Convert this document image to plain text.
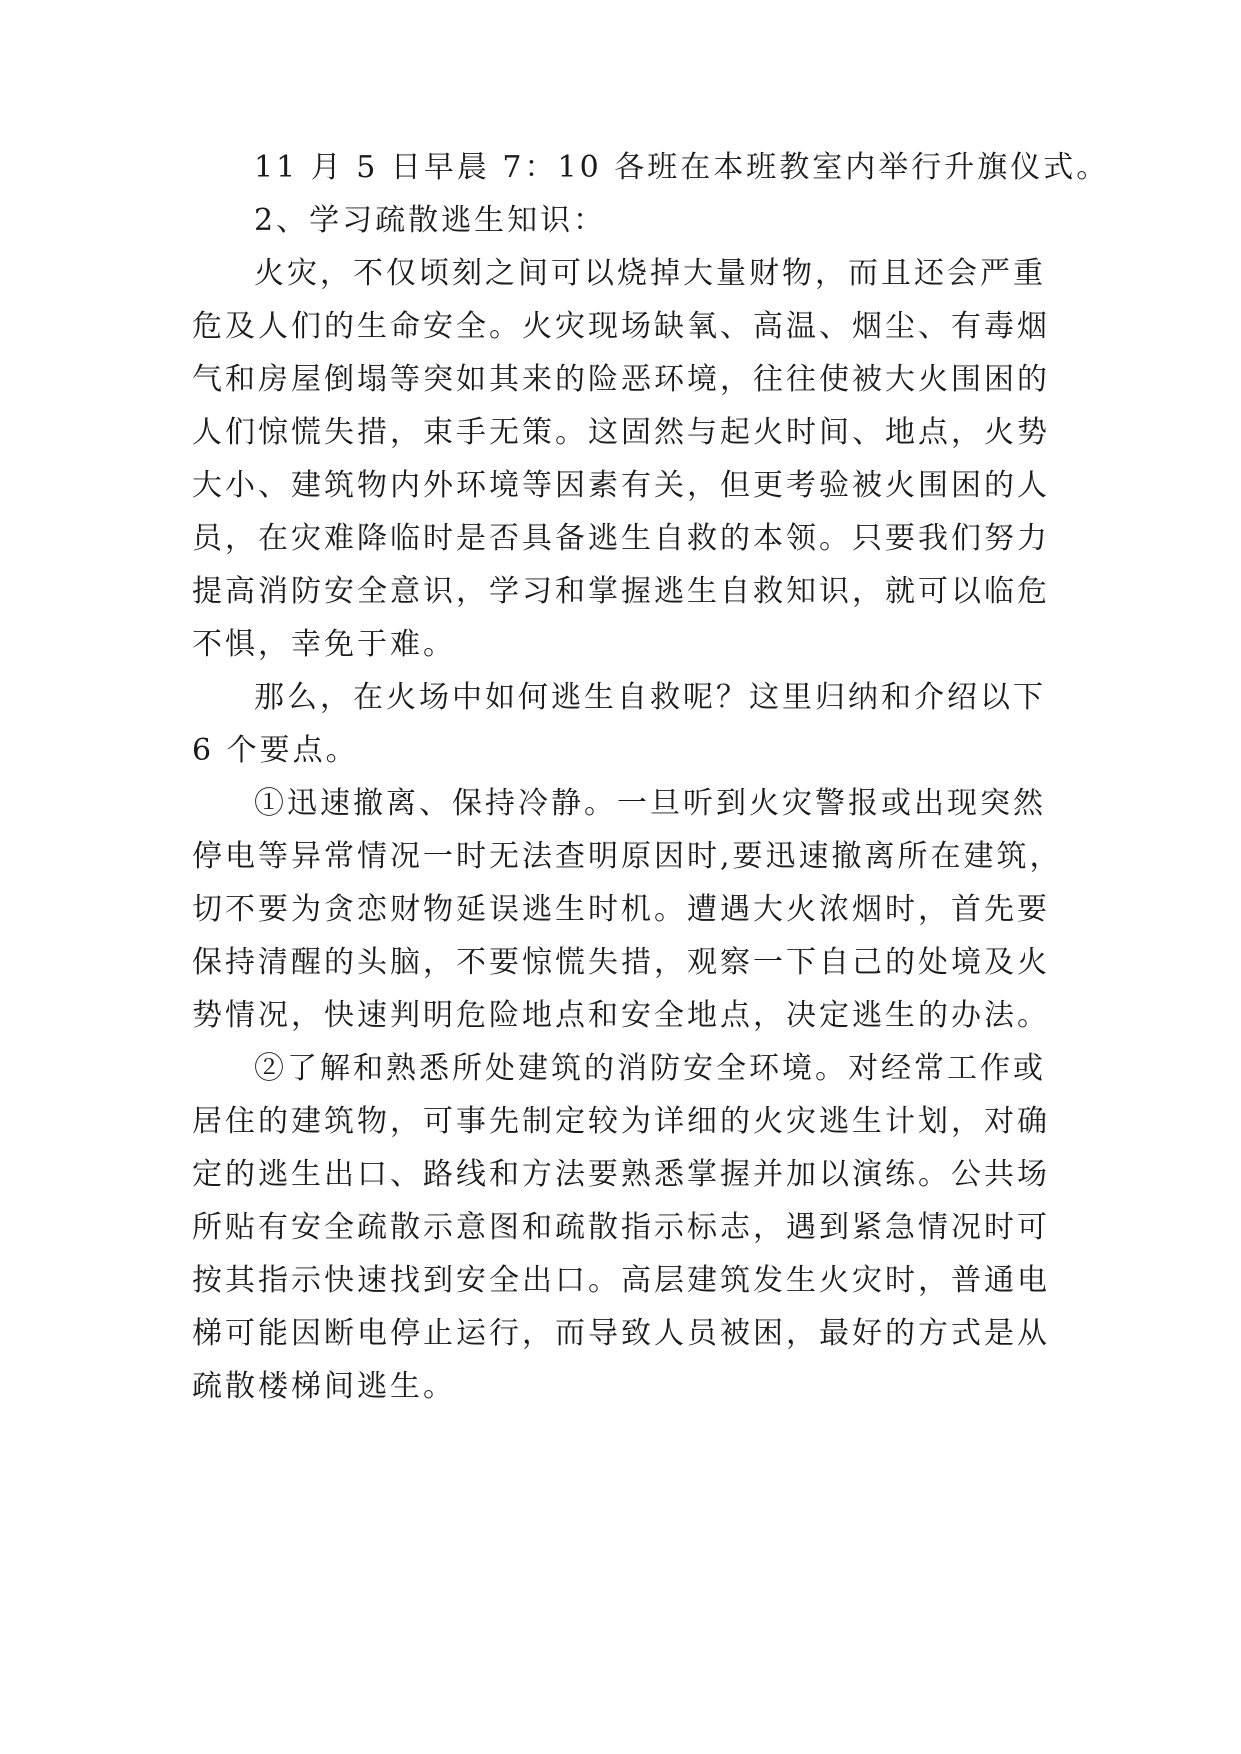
11 月 5 日早晨 7：10 各班在本班教室内举行升旗仪式。
2、学习疏散逃生知识：
火灾，不仅顷刻之间可以烧掉大量财物，而且还会严重
危及人们的生命安全。火灾现场缺氧、高温、烟尘、有毒烟
气和房屋倒塌等突如其来的险恶环境，往往使被大火围困的
人们惊慌失措，束手无策。这固然与起火时间、地点，火势
大小、建筑物内外环境等因素有关，但更考验被火围困的人
员，在灾难降临时是否具备逃生自救的本领。只要我们努力
提高消防安全意识，学习和掌握逃生自救知识，就可以临危
不惧，幸免于难。
那么，在火场中如何逃生自救呢？这里归纳和介绍以下
6 个要点。
①迅速撤离、保持冷静。一旦听到火灾警报或出现突然
停电等异常情况一时无法查明原因时,要迅速撤离所在建筑，
切不要为贪恋财物延误逃生时机。遭遇大火浓烟时，首先要
保持清醒的头脑，不要惊慌失措，观察一下自己的处境及火
势情况，快速判明危险地点和安全地点，决定逃生的办法。
②了解和熟悉所处建筑的消防安全环境。对经常工作或
居住的建筑物，可事先制定较为详细的火灾逃生计划，对确
定的逃生出口、路线和方法要熟悉掌握并加以演练。公共场
所贴有安全疏散示意图和疏散指示标志，遇到紧急情况时可
按其指示快速找到安全出口。高层建筑发生火灾时，普通电
梯可能因断电停止运行，而导致人员被困，最好的方式是从
疏散楼梯间逃生。
